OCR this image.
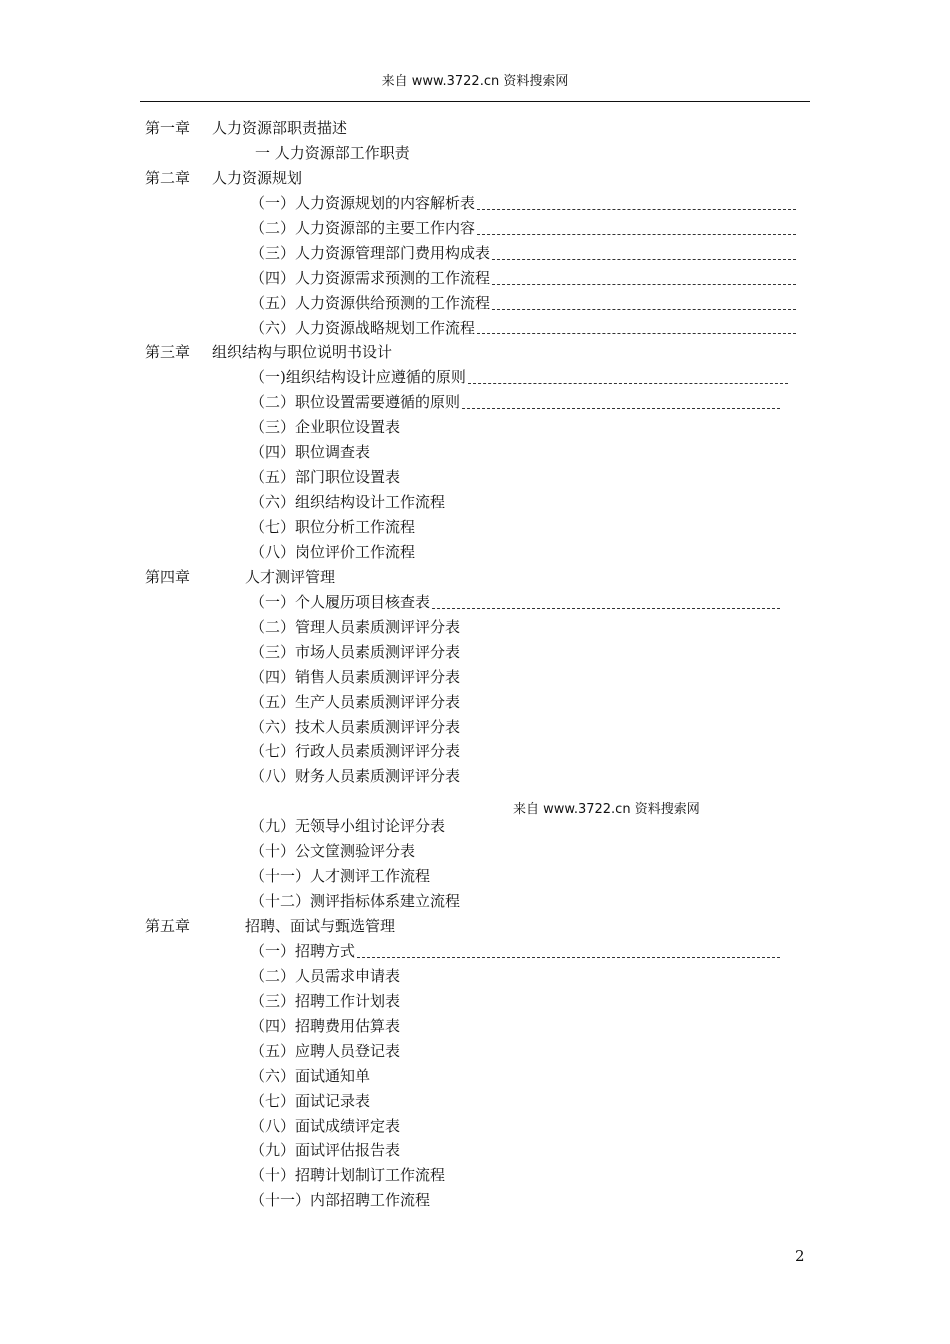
来自 www.3722.cn 资料搜索网
第一章 人力资源部职责描述
一 人力资源部工作职责
第二章 人力资源规划
（一）人力资源规划的内容解析表
（二）人力资源部的主要工作内容
（三）人力资源管理部门费用构成表
（四）人力资源需求预测的工作流程
（五）人力资源供给预测的工作流程
（六）人力资源战略规划工作流程
第三章 组织结构与职位说明书设计
（一)组织结构设计应遵循的原则
（二）职位设置需要遵循的原则
（三）企业职位设置表
（四）职位调查表
（五）部门职位设置表
（六）组织结构设计工作流程
（七）职位分析工作流程
（八）岗位评价工作流程
第四章	人才测评管理
（一）个人履历项目核查表
（二）管理人员素质测评评分表
（三）市场人员素质测评评分表
（四）销售人员素质测评评分表
（五）生产人员素质测评评分表
（六）技术人员素质测评评分表
（七）行政人员素质测评评分表
（八）财务人员素质测评评分表
（九）无领导小组讨论评分表
（十）公文筐测验评分表
（十一）人才测评工作流程
（十二）测评指标体系建立流程
第五章	招聘、面试与甄选管理
（一）招聘方式
（二）人员需求申请表
（三）招聘工作计划表
（四）招聘费用估算表
（五）应聘人员登记表
（六）面试通知单
（七）面试记录表
（八）面试成绩评定表
（九）面试评估报告表
（十）招聘计划制订工作流程
（十一）内部招聘工作流程
来自 www.3722.cn 资料搜索网
2
